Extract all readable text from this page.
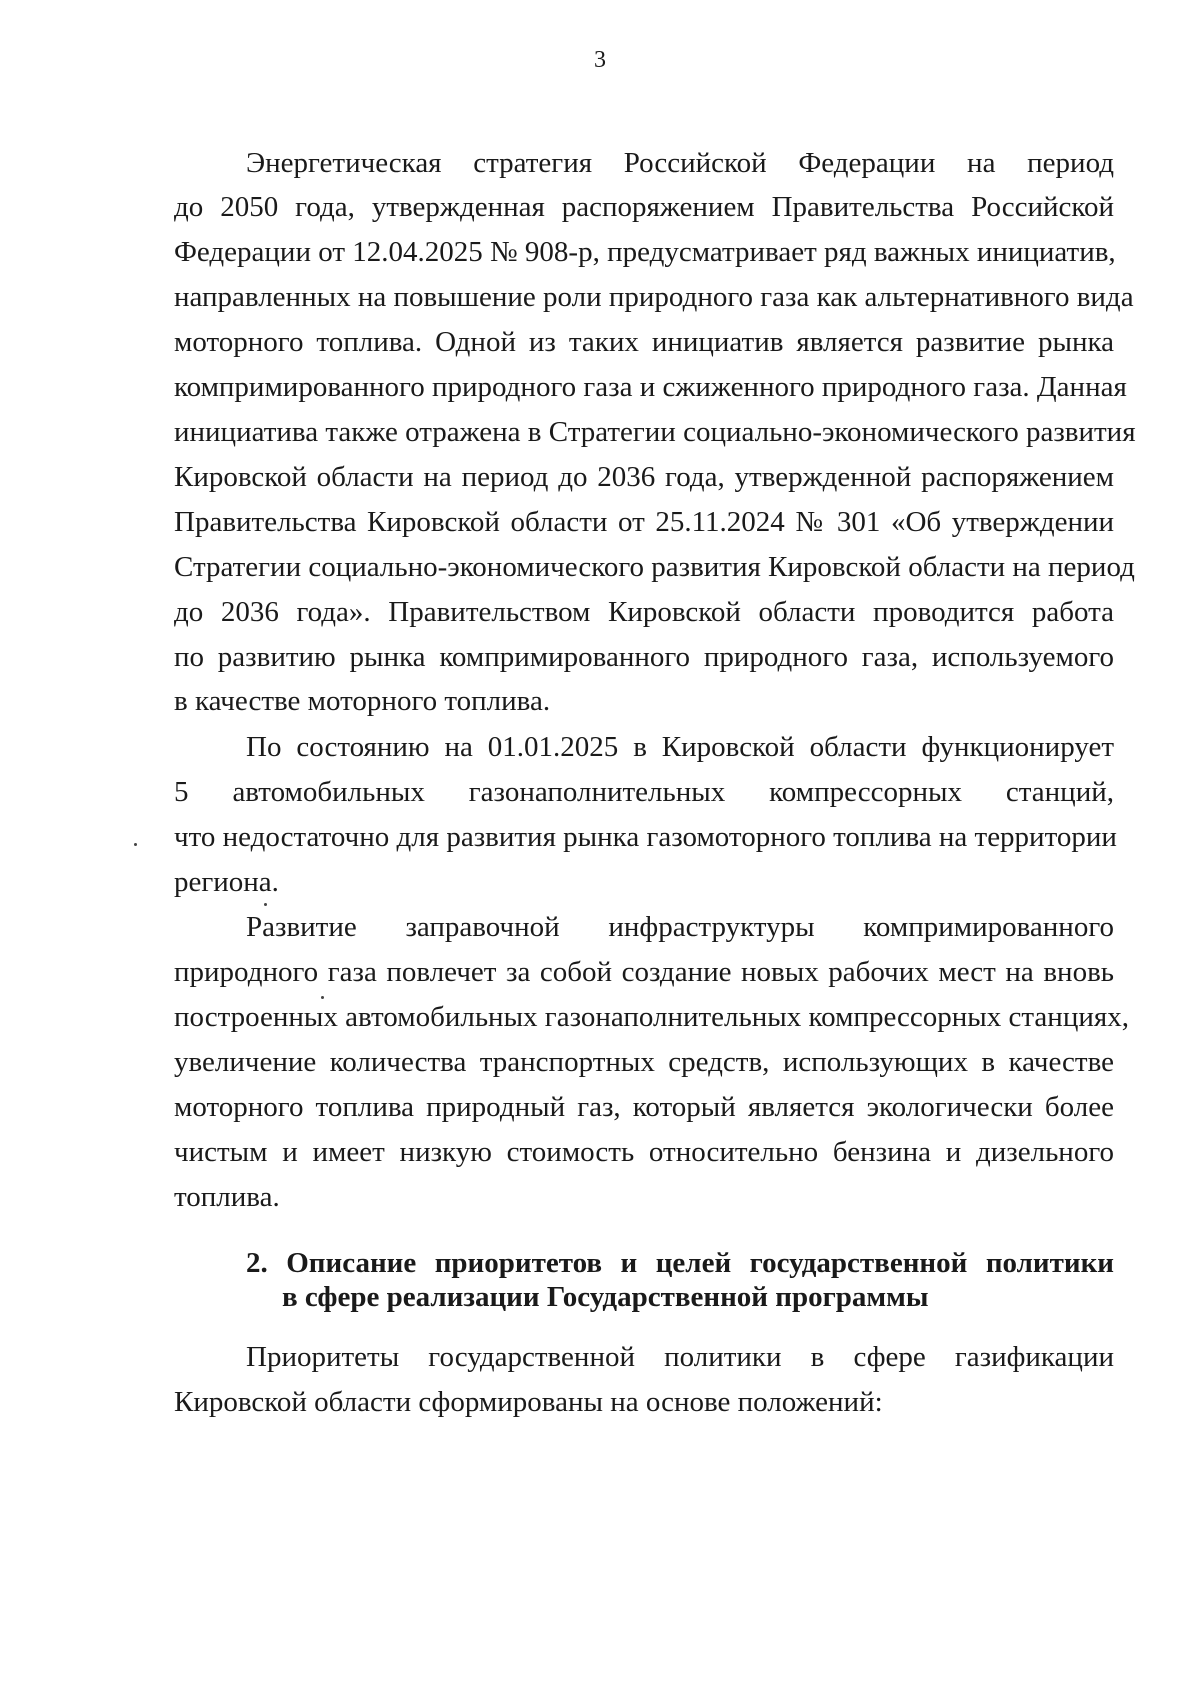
3
Энергетическая стратегия Российской Федерации на период
до 2050 года, утвержденная распоряжением Правительства Российской
Федерации от 12.04.2025 № 908-р, предусматривает ряд важных инициатив,
направленных на повышение роли природного газа как альтернативного вида
моторного топлива. Одной из таких инициатив является развитие рынка
компримированного природного газа и сжиженного природного газа. Данная
инициатива также отражена в Стратегии социально-экономического развития
Кировской области на период до 2036 года, утвержденной распоряжением
Правительства Кировской области от 25.11.2024 № 301 «Об утверждении
Стратегии социально-экономического развития Кировской области на период
до 2036 года». Правительством Кировской области проводится работа
по развитию рынка компримированного природного газа, используемого
в качестве моторного топлива.
По состоянию на 01.01.2025 в Кировской области функционирует
5 автомобильных газонаполнительных компрессорных станций,
что недостаточно для развития рынка газомоторного топлива на территории
региона.
Развитие заправочной инфраструктуры компримированного
природного газа повлечет за собой создание новых рабочих мест на вновь
построенных автомобильных газонаполнительных компрессорных станциях,
увеличение количества транспортных средств, использующих в качестве
моторного топлива природный газ, который является экологически более
чистым и имеет низкую стоимость относительно бензина и дизельного
топлива.
2. Описание приоритетов и целей государственной политики
в сфере реализации Государственной программы
Приоритеты государственной политики в сфере газификации
Кировской области сформированы на основе положений:
